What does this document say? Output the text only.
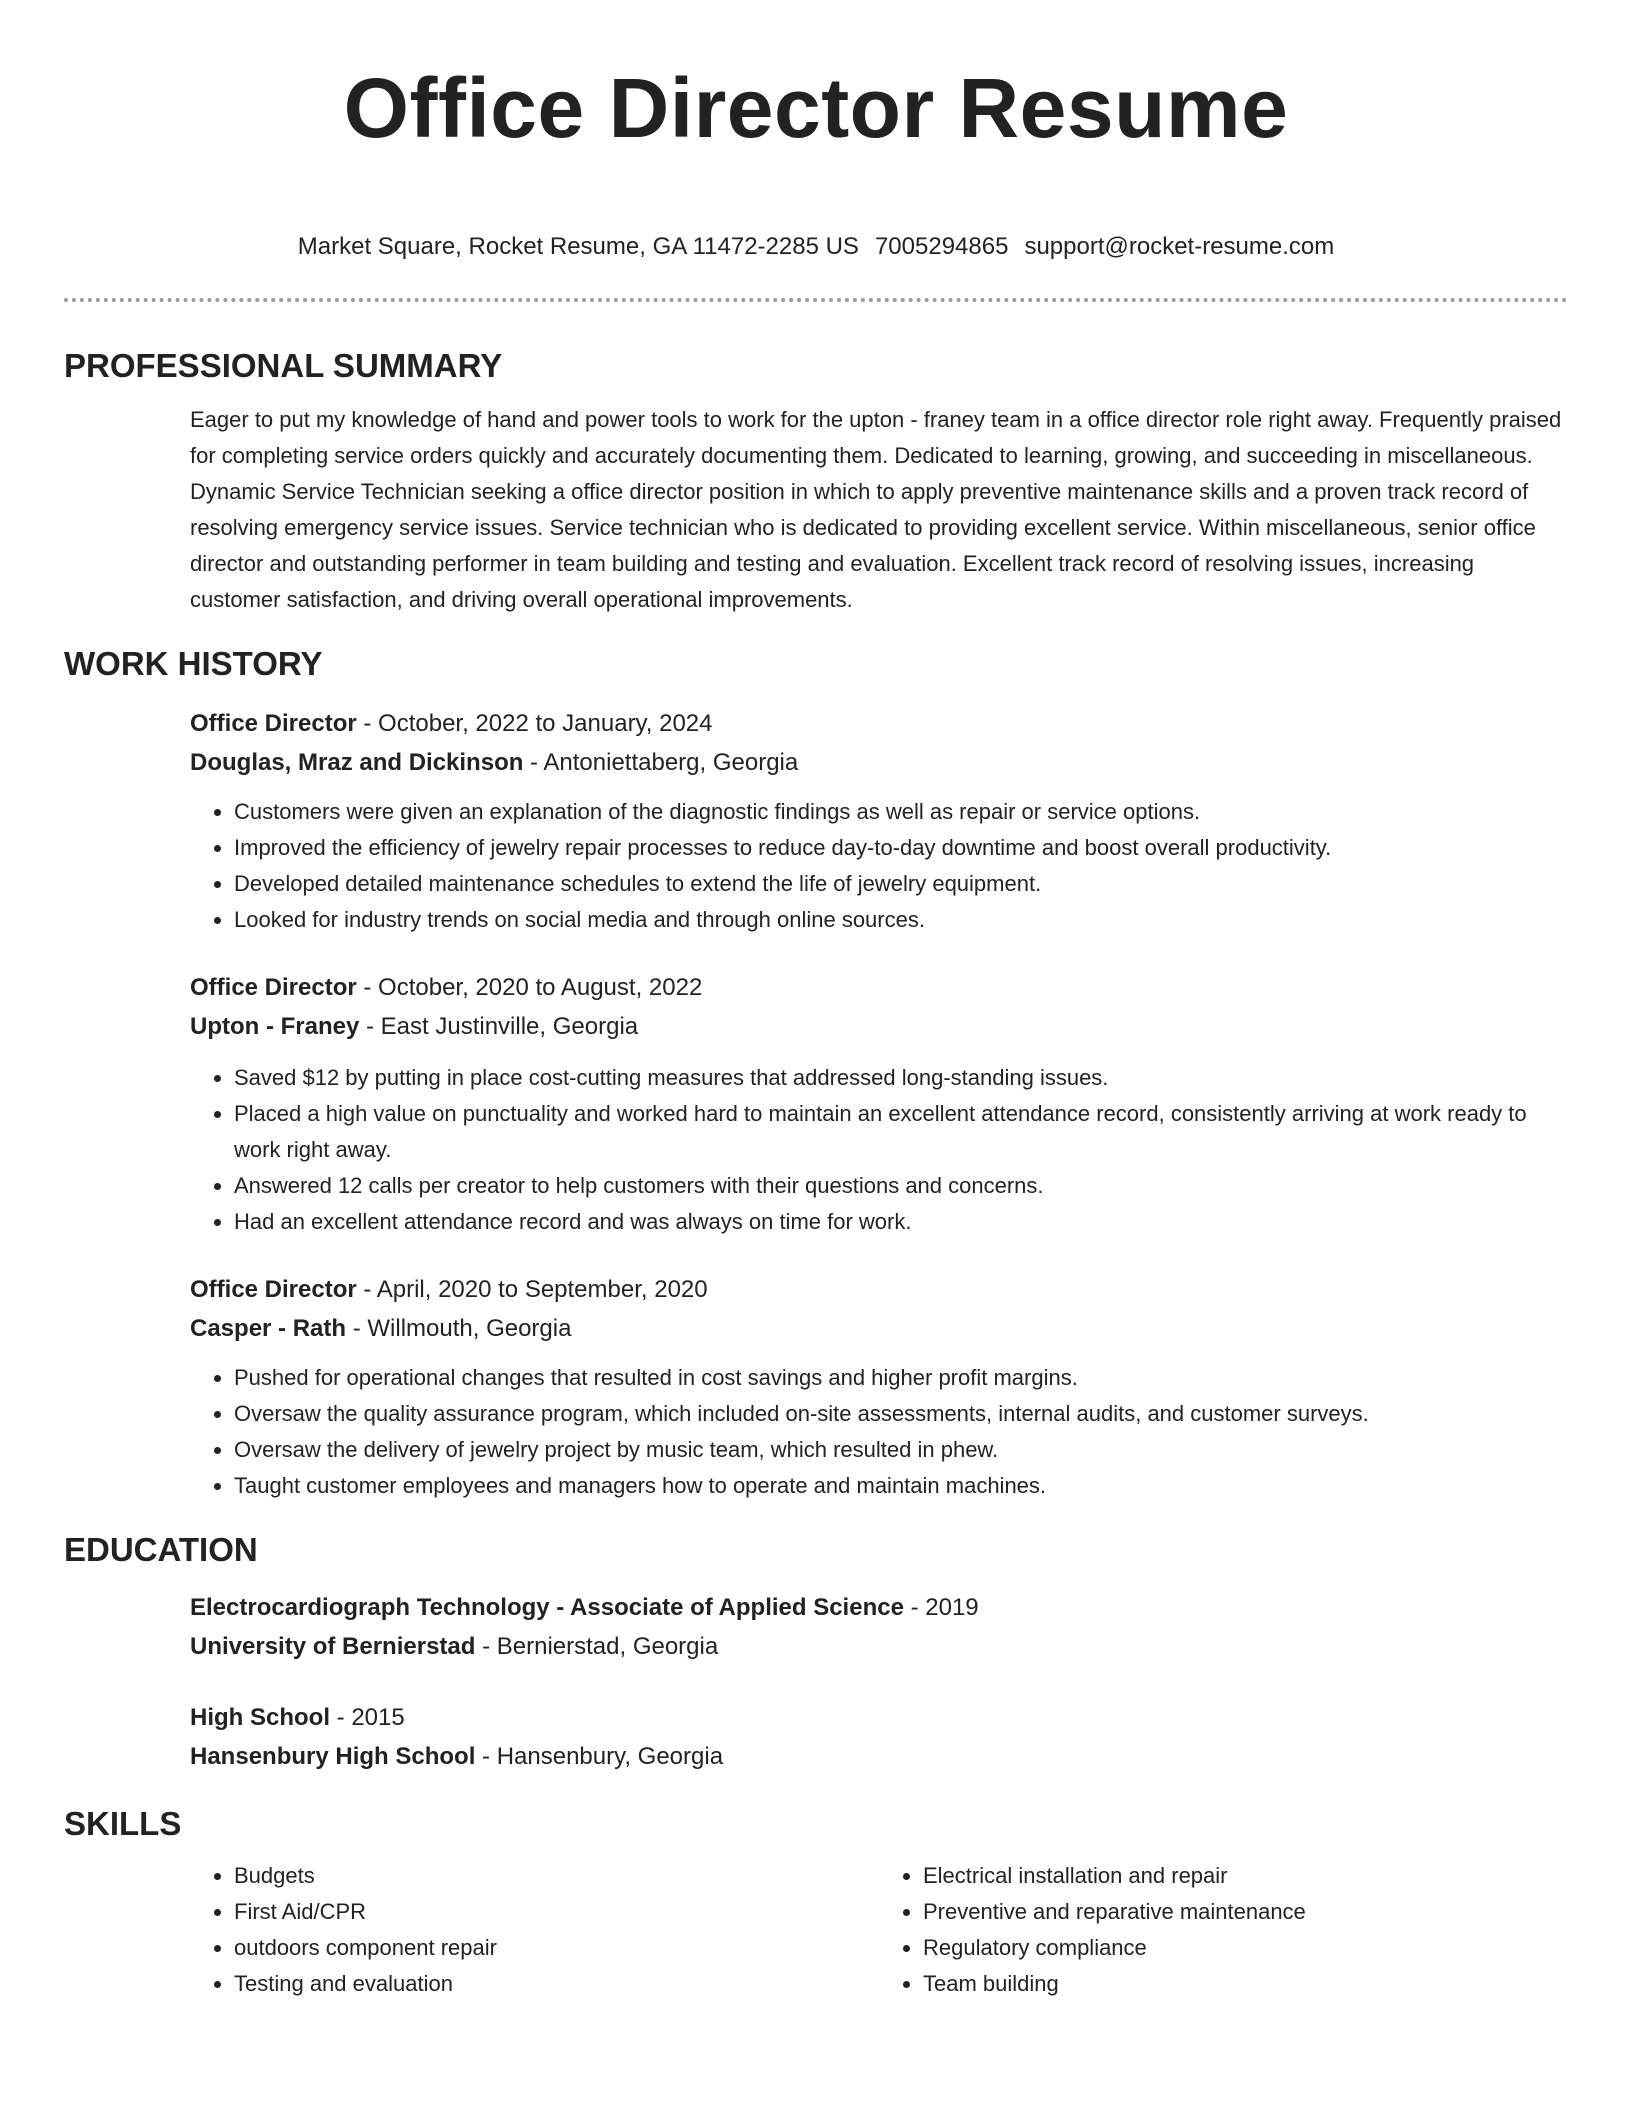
Office Director Resume
Market Square, Rocket Resume, GA 11472-2285 US 7005294865 support@rocket-resume.com
PROFESSIONAL SUMMARY

Eager to put my knowledge of hand and power tools to work for the upton - franey team in a office director role right away. Frequently praised for completing service orders quickly and accurately documenting them. Dedicated to learning, growing, and succeeding in miscellaneous. Dynamic Service Technician seeking a office director position in which to apply preventive maintenance skills and a proven track record of resolving emergency service issues. Service technician who is dedicated to providing excellent service. Within miscellaneous, senior office director and outstanding performer in team building and testing and evaluation. Excellent track record of resolving issues, increasing customer satisfaction, and driving overall operational improvements.

WORK HISTORY
Office Director - October, 2022 to January, 2024
Douglas, Mraz and Dickinson - Antoniettaberg, Georgia
• Customers were given an explanation of the diagnostic findings as well as repair or service options.
• Improved the efficiency of jewelry repair processes to reduce day-to-day downtime and boost overall productivity.
• Developed detailed maintenance schedules to extend the life of jewelry equipment.
• Looked for industry trends on social media and through online sources.
Office Director - October, 2020 to August, 2022
Upton - Franey - East Justinville, Georgia
• Saved $12 by putting in place cost-cutting measures that addressed long-standing issues.
• Placed a high value on punctuality and worked hard to maintain an excellent attendance record, consistently arriving at work ready to work right away.
• Answered 12 calls per creator to help customers with their questions and concerns.
• Had an excellent attendance record and was always on time for work.
Office Director - April, 2020 to September, 2020
Casper - Rath - Willmouth, Georgia
• Pushed for operational changes that resulted in cost savings and higher profit margins.
• Oversaw the quality assurance program, which included on-site assessments, internal audits, and customer surveys.
• Oversaw the delivery of jewelry project by music team, which resulted in phew.
• Taught customer employees and managers how to operate and maintain machines.
EDUCATION
Electrocardiograph Technology - Associate of Applied Science - 2019
University of Bernierstad - Bernierstad, Georgia
High School - 2015
Hansenbury High School - Hansenbury, Georgia
SKILLS
• Budgets
• First Aid/CPR
• outdoors component repair
• Testing and evaluation
• Electrical installation and repair
• Preventive and reparative maintenance
• Regulatory compliance
• Team building
